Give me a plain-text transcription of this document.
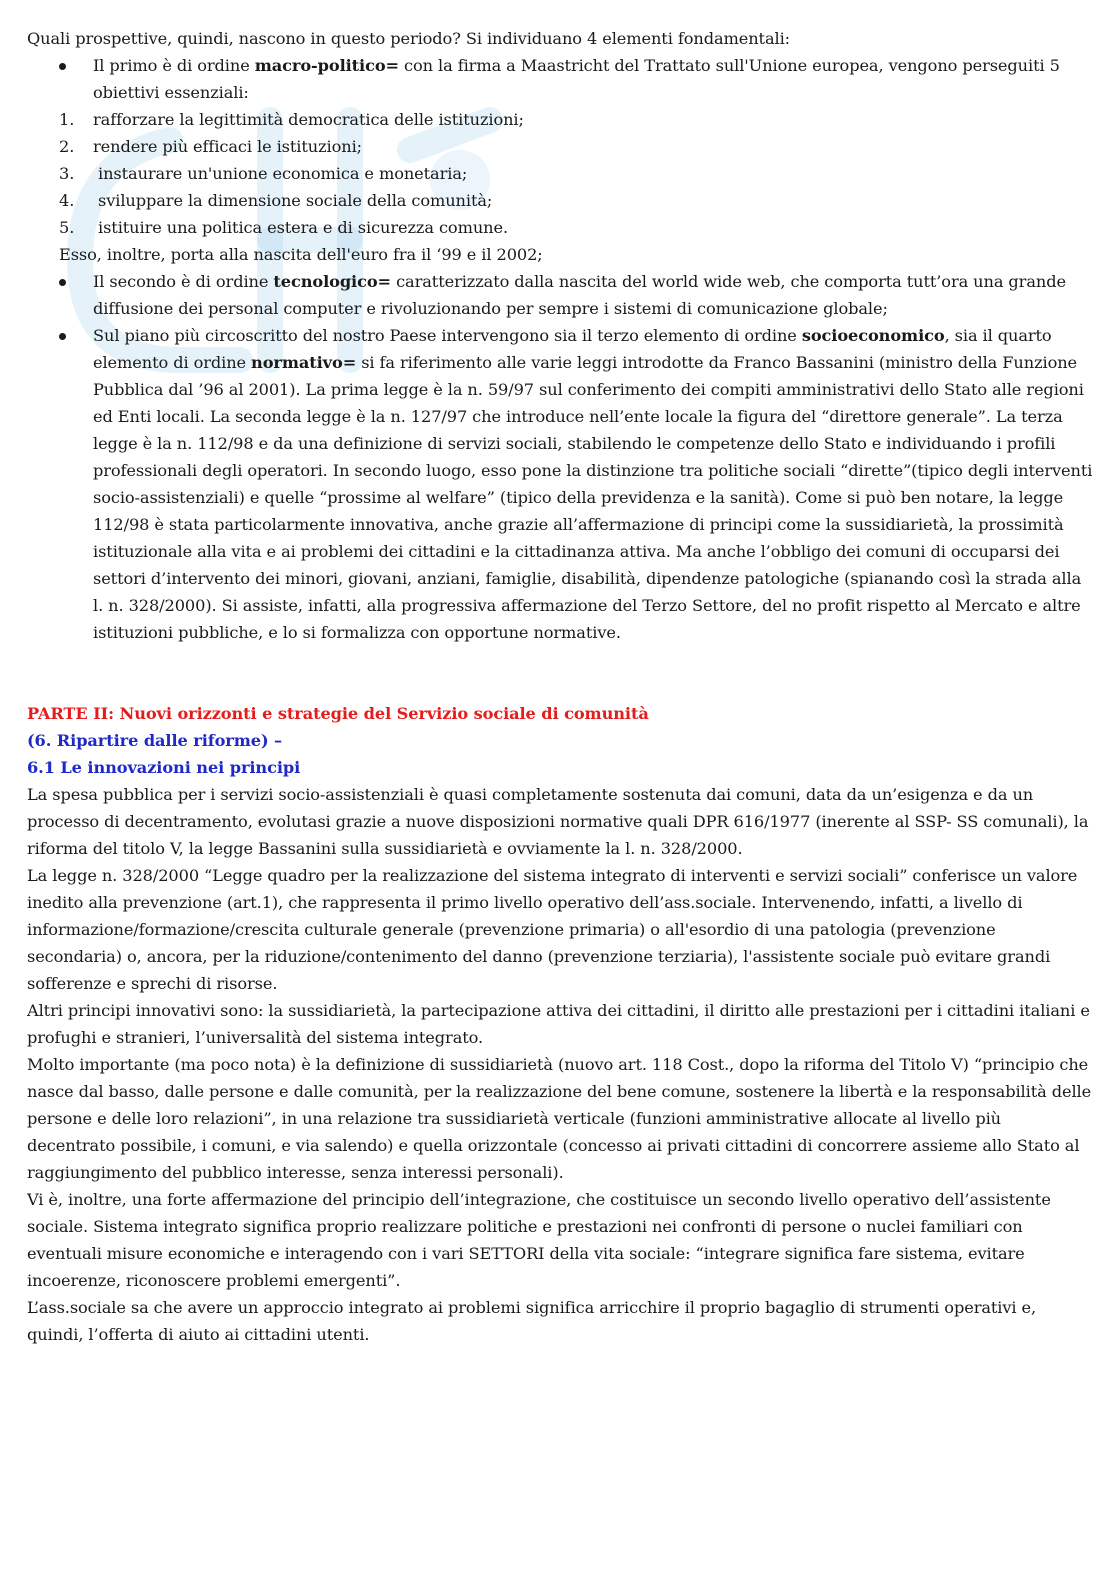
Quali prospettive, quindi, nascono in questo periodo? Si individuano 4 elementi fondamentali:

Il primo è di ordine macro-politico= con la firma a Maastricht del Trattato sull'Unione europea, vengono perseguiti 5 obiettivi essenziali:
1. rafforzare la legittimità democratica delle istituzioni;
2. rendere più efficaci le istituzioni;
3. instaurare un'unione economica e monetaria;
4. sviluppare la dimensione sociale della comunità;
5. istituire una politica estera e di sicurezza comune.

Esso, inoltre, porta alla nascita dell'euro fra il ‘99 e il 2002;

Il secondo è di ordine tecnologico= caratterizzato dalla nascita del world wide web, che comporta tutt’ora una grande diffusione dei personal computer e rivoluzionando per sempre i sistemi di comunicazione globale;
Sul piano più circoscritto del nostro Paese intervengono sia il terzo elemento di ordine socioeconomico, sia il quarto elemento di ordine normativo= si fa riferimento alle varie leggi introdotte da Franco Bassanini (ministro della Funzione Pubblica dal ’96 al 2001). La prima legge è la n. 59/97 sul conferimento dei compiti amministrativi dello Stato alle regioni ed Enti locali. La seconda legge è la n. 127/97 che introduce nell’ente locale la figura del “direttore generale”. La terza legge è la n. 112/98 e da una definizione di servizi sociali, stabilendo le competenze dello Stato e individuando i profili professionali degli operatori. In secondo luogo, esso pone la distinzione tra politiche sociali “dirette”(tipico degli interventi socio-assistenziali) e quelle “prossime al welfare” (tipico della previdenza e la sanità). Come si può ben notare, la legge 112/98 è stata particolarmente innovativa, anche grazie all’affermazione di principi come la sussidiarietà, la prossimità istituzionale alla vita e ai problemi dei cittadini e la cittadinanza attiva. Ma anche l’obbligo dei comuni di occuparsi dei settori d’intervento dei minori, giovani, anziani, famiglie, disabilità, dipendenze patologiche (spianando così la strada alla l. n. 328/2000). Si assiste, infatti, alla progressiva affermazione del Terzo Settore, del no profit rispetto al Mercato e altre istituzioni pubbliche, e lo si formalizza con opportune normative.

PARTE II: Nuovi orizzonti e strategie del Servizio sociale di comunità

(6. Ripartire dalle riforme) –

6.1 Le innovazioni nei principi

La spesa pubblica per i servizi socio-assistenziali è quasi completamente sostenuta dai comuni, data da un’esigenza e da un processo di decentramento, evolutasi grazie a nuove disposizioni normative quali DPR 616/1977 (inerente al SSP- SS comunali), la riforma del titolo V, la legge Bassanini sulla sussidiarietà e ovviamente la l. n. 328/2000.

La legge n. 328/2000 “Legge quadro per la realizzazione del sistema integrato di interventi e servizi sociali” conferisce un valore inedito alla prevenzione (art.1), che rappresenta il primo livello operativo dell’ass.sociale. Intervenendo, infatti, a livello di informazione/formazione/crescita culturale generale (prevenzione primaria) o all'esordio di una patologia (prevenzione secondaria) o, ancora, per la riduzione/contenimento del danno (prevenzione terziaria), l'assistente sociale può evitare grandi sofferenze e sprechi di risorse.

Altri principi innovativi sono: la sussidiarietà, la partecipazione attiva dei cittadini, il diritto alle prestazioni per i cittadini italiani e profughi e stranieri, l’universalità del sistema integrato.

Molto importante (ma poco nota) è la definizione di sussidiarietà (nuovo art. 118 Cost., dopo la riforma del Titolo V) “principio che nasce dal basso, dalle persone e dalle comunità, per la realizzazione del bene comune, sostenere la libertà e la responsabilità delle persone e delle loro relazioni”, in una relazione tra sussidiarietà verticale (funzioni amministrative allocate al livello più decentrato possibile, i comuni, e via salendo) e quella orizzontale (concesso ai privati cittadini di concorrere assieme allo Stato al raggiungimento del pubblico interesse, senza interessi personali).

Vi è, inoltre, una forte affermazione del principio dell’integrazione, che costituisce un secondo livello operativo dell’assistente sociale. Sistema integrato significa proprio realizzare politiche e prestazioni nei confronti di persone o nuclei familiari con eventuali misure economiche e interagendo con i vari SETTORI della vita sociale: “integrare significa fare sistema, evitare incoerenze, riconoscere problemi emergenti”.

L’ass.sociale sa che avere un approccio integrato ai problemi significa arricchire il proprio bagaglio di strumenti operativi e, quindi, l’offerta di aiuto ai cittadini utenti.
